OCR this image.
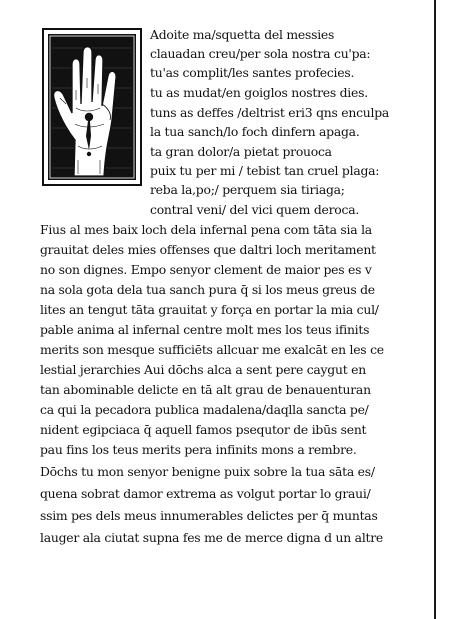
Adoite ma/squetta del messies

clauadan creu/per sola nostra cu'pa:

tu'as complit/les santes profecies.

tu as mudat/en goiglos nostres dies.

tuns as deffes /deltrist eri3 qns enculpa

la tua sanch/lo foch dinfern apaga.

ta gran dolor/a pietat prouoca

puix tu per mi / tebist tan cruel plaga:

reba la,po;/ perquem sia tiriaga;

contral veni/ del vici quem deroca.

Fius al mes baix loch dela infernal pena com tāta sia la

grauitat deles mies offenses que daltri loch meritament

no son dignes. Empo senyor clement de maior pes es v

na sola gota dela tua sanch pura q̄ si los meus greus de

lites an tengut tāta grauitat y força en portar la mia cul/

pable anima al infernal centre molt mes los teus ifinits

merits son mesque sufficiēts allcuar me exalcāt en les ce

lestial jerarchies Aui dōchs alca a sent pere caygut en

tan abominable delicte en tā alt grau de benauenturan

ca qui la pecadora publica madalena/daqlla sancta pe/

nident egipciaca q̄ aquell famos psequtor de ibūs sent

pau fins los teus merits pera infinits mons a rembre.

Dōchs tu mon senyor benigne puix sobre la tua sāta es/

quena sobrat damor extrema as volgut portar lo graui/

ssim pes dels meus innumerables delictes per q̄ muntas

lauger ala ciutat supna fes me de merce digna d un altre
